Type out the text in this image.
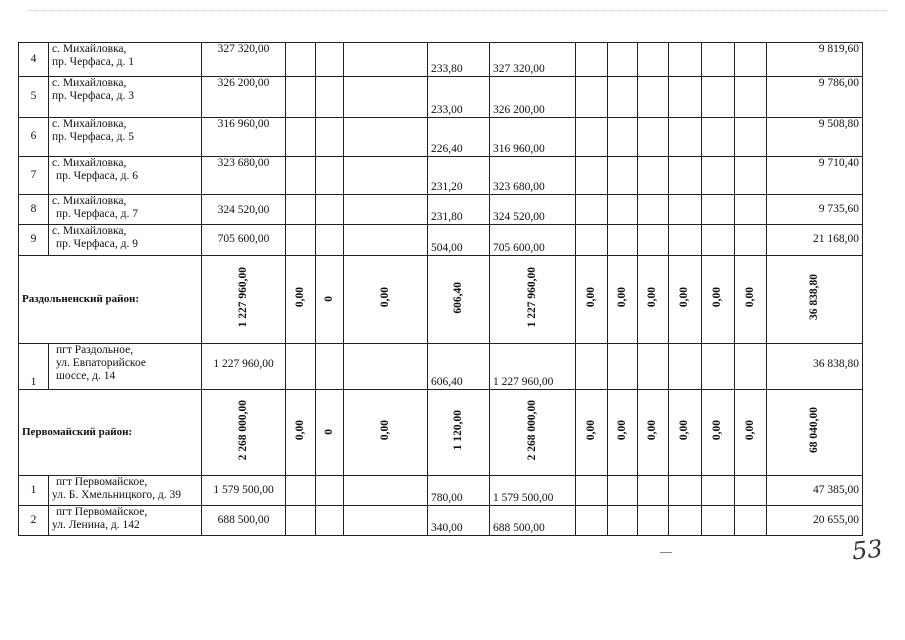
4	с. Михайловка,
пр. Черфаса, д. 1	327 320,00				233,80	327 320,00							9 819,60
5	с. Михайловка,
пр. Черфаса, д. 3	326 200,00				233,00	326 200,00							9 786,00
6	с. Михайловка,
пр. Черфаса, д. 5	316 960,00				226,40	316 960,00							9 508,80
7	с. Михайловка,
пр. Черфаса, д. 6	323 680,00				231,20	323 680,00							9 710,40
8	с. Михайловка,
пр. Черфаса, д. 7	324 520,00				231,80	324 520,00							9 735,60
9	с. Михайловка,
пр. Черфаса, д. 9	705 600,00				504,00	705 600,00							21 168,00
Раздольненский район:		1 227 960,00	0,00	0	0,00	606,40	1 227 960,00	0,00	0,00	0,00	0,00	0,00	0,00	36 838,80
1	пгт Раздольное,
ул. Евпаторийское
шоссе, д. 14	1 227 960,00				606,40	1 227 960,00							36 838,80
Первомайский район:		2 268 000,00	0,00	0	0,00	1 120,00	2 268 000,00	0,00	0,00	0,00	0,00	0,00	0,00	68 040,00
1	пгт Первомайское,
ул. Б. Хмельницкого, д. 39	1 579 500,00				780,00	1 579 500,00							47 385,00
2	пгт Первомайское,
ул. Ленина, д. 142	688 500,00				340,00	688 500,00							20 655,00
53
